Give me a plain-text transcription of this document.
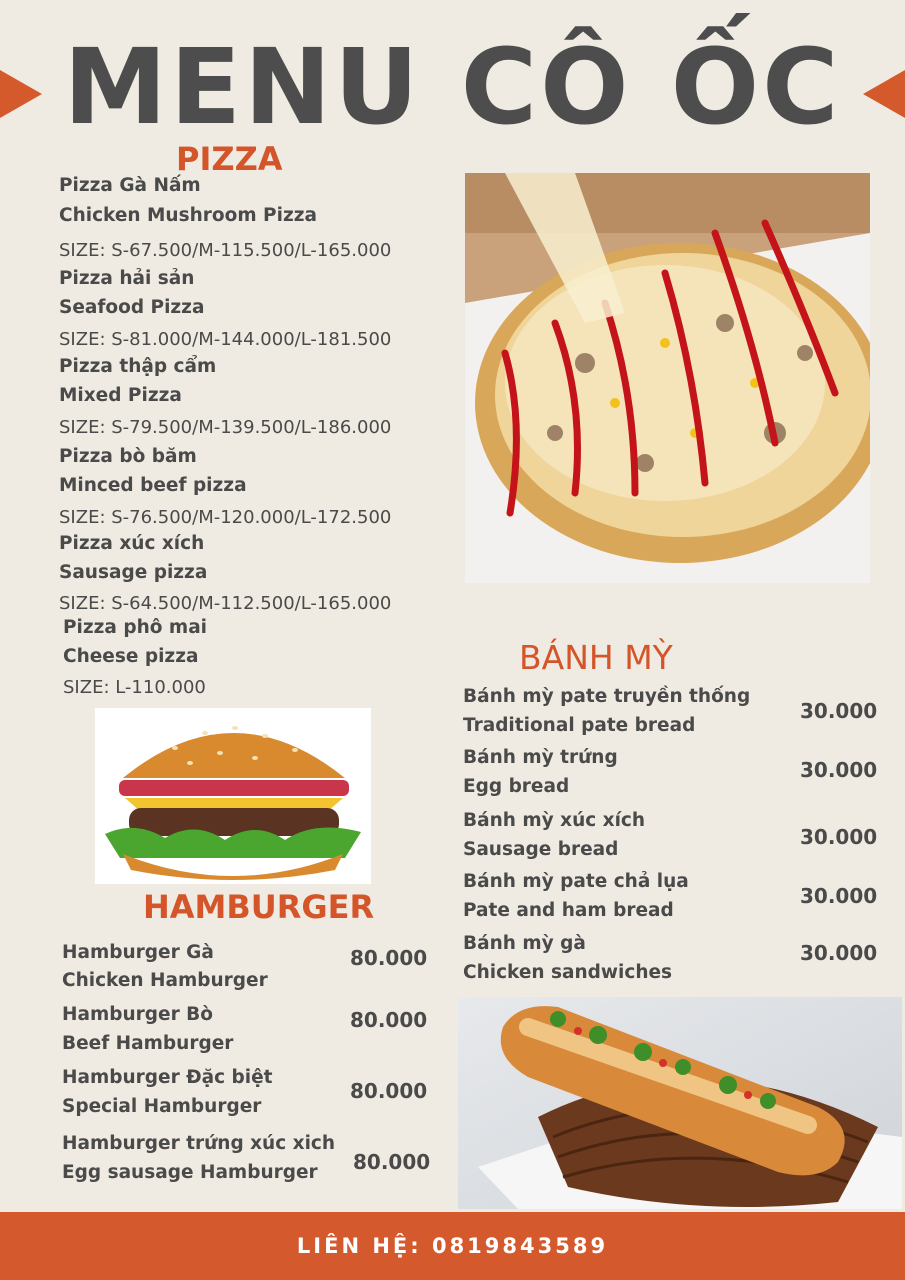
MENU CÔ ỐC
PIZZA
Pizza Gà Nấm
Chicken Mushroom Pizza
SIZE: S-67.500/M-115.500/L-165.000
Pizza hải sản
Seafood Pizza
SIZE: S-81.000/M-144.000/L-181.500
Pizza thập cẩm
Mixed Pizza
SIZE: S-79.500/M-139.500/L-186.000
Pizza bò băm
Minced beef pizza
SIZE: S-76.500/M-120.000/L-172.500
Pizza xúc xích
Sausage pizza
SIZE: S-64.500/M-112.500/L-165.000
Pizza phô mai
Cheese pizza
SIZE: L-110.000
HAMBURGER
Hamburger Gà
Chicken Hamburger
80.000
Hamburger Bò
Beef Hamburger
80.000
Hamburger Đặc biệt
Special Hamburger
80.000
Hamburger trứng xúc xich
Egg sausage Hamburger 80.000
BÁNH MỲ
Bánh mỳ pate truyền thống
Traditional pate bread
30.000
Bánh mỳ trứng
Egg bread
30.000
Bánh mỳ xúc xích
Sausage bread
30.000
Bánh mỳ pate chả lụa
Pate and ham bread
30.000
Bánh mỳ gà
Chicken sandwiches
30.000
LIÊN HỆ: 0819843589
